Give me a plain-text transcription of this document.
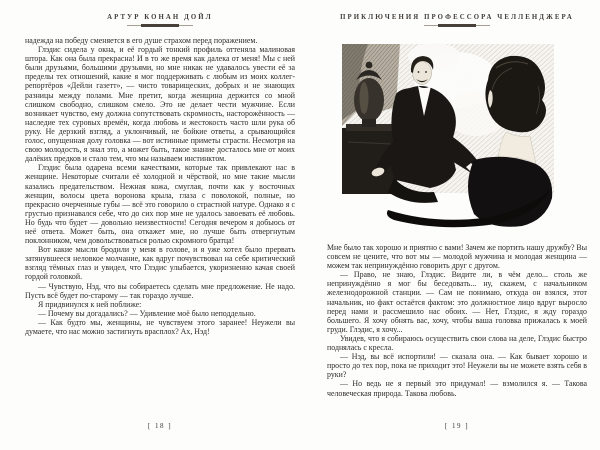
АРТУР КОНАН ДОЙЛ

надежда на победу сменяется в его душе страхом перед поражением.

Глэдис сидела у окна, и её гордый тонкий профиль оттеняла малиновая штора. Как она была прекрасна! И в то же время как далека от меня! Мы с ней были друзьями, большими друзьями, но мне никак не удавалось увести её за пределы тех отношений, какие я мог поддерживать с любым из моих коллег-репортёров «Дейли газетт», — чисто товарищеских, добрых и не знающих разницы между полами. Мне претит, когда женщина держится со мной слишком свободно, слишком смело. Это не делает чести мужчине. Если возникает чувство, ему должна сопутствовать скромность, насторожённость — наследие тех суровых времён, когда любовь и жестокость часто шли рука об руку. Не дерзкий взгляд, а уклончивый, не бойкие ответы, а срывающийся голос, опущенная долу головка — вот истинные приметы страсти. Несмотря на свою молодость, я знал это, а может быть, такое знание досталось мне от моих далёких предков и стало тем, что мы называем инстинктом.

Глэдис была одарена всеми качествами, которые так привлекают нас в женщине. Некоторые считали её холодной и чёрствой, но мне такие мысли казались предательством. Нежная кожа, смуглая, почти как у восточных женщин, волосы цвета воронова крыла, глаза с поволокой, полные, но прекрасно очерченные губы — всё это говорило о страстной натуре. Однако я с грустью признавался себе, что до сих пор мне не удалось завоевать её любовь. Но будь что будет — довольно неизвестности! Сегодня вечером я добьюсь от неё ответа. Может быть, она откажет мне, но лучше быть отвергнутым поклонником, чем довольствоваться ролью скромного братца!

Вот какие мысли бродили у меня в голове, и я уже хотел было прервать затянувшееся неловкое молчание, как вдруг почувствовал на себе критический взгляд тёмных глаз и увидел, что Глэдис улыбается, укоризненно качая своей гордой головкой.

— Чувствую, Нэд, что вы собираетесь сделать мне предложение. Не надо. Пусть всё будет по-старому — так гораздо лучше.

Я придвинулся к ней поближе:

— Почему вы догадались? — Удивление моё было неподдельно.

— Как будто мы, женщины, не чувствуем этого заранее! Неужели вы думаете, что нас можно застигнуть врасплох? Ах, Нэд!

[ 18 ]
ПРИКЛЮЧЕНИЯ ПРОФЕССОРА ЧЕЛЛЕНДЖЕРА

Мне было так хорошо и приятно с вами! Зачем же портить нашу дружбу? Вы совсем не цените, что вот мы — молодой мужчина и молодая женщина — можем так непринуждённо говорить друг с другом.

— Право, не знаю, Глэдис. Видите ли, в чём дело... столь же непринуждённо я мог бы беседовать... ну, скажем, с начальником железнодорожной станции. — Сам не понимаю, откуда он взялся, этот начальник, но факт остаётся фактом: это должностное лицо вдруг выросло перед нами и рассмешило нас обоих. — Нет, Глэдис, я жду гораздо большего. Я хочу обнять вас, хочу, чтобы ваша головка прижалась к моей груди. Глэдис, я хочу...

Увидев, что я собираюсь осуществить свои слова на деле, Глэдис быстро поднялась с кресла.

— Нэд, вы всё испортили! — сказала она. — Как бывает хорошо и просто до тех пор, пока не приходит это! Неужели вы не можете взять себя в руки?

— Но ведь не я первый это придумал! — взмолился я. — Такова человеческая природа. Такова любовь.

[ 19 ]
